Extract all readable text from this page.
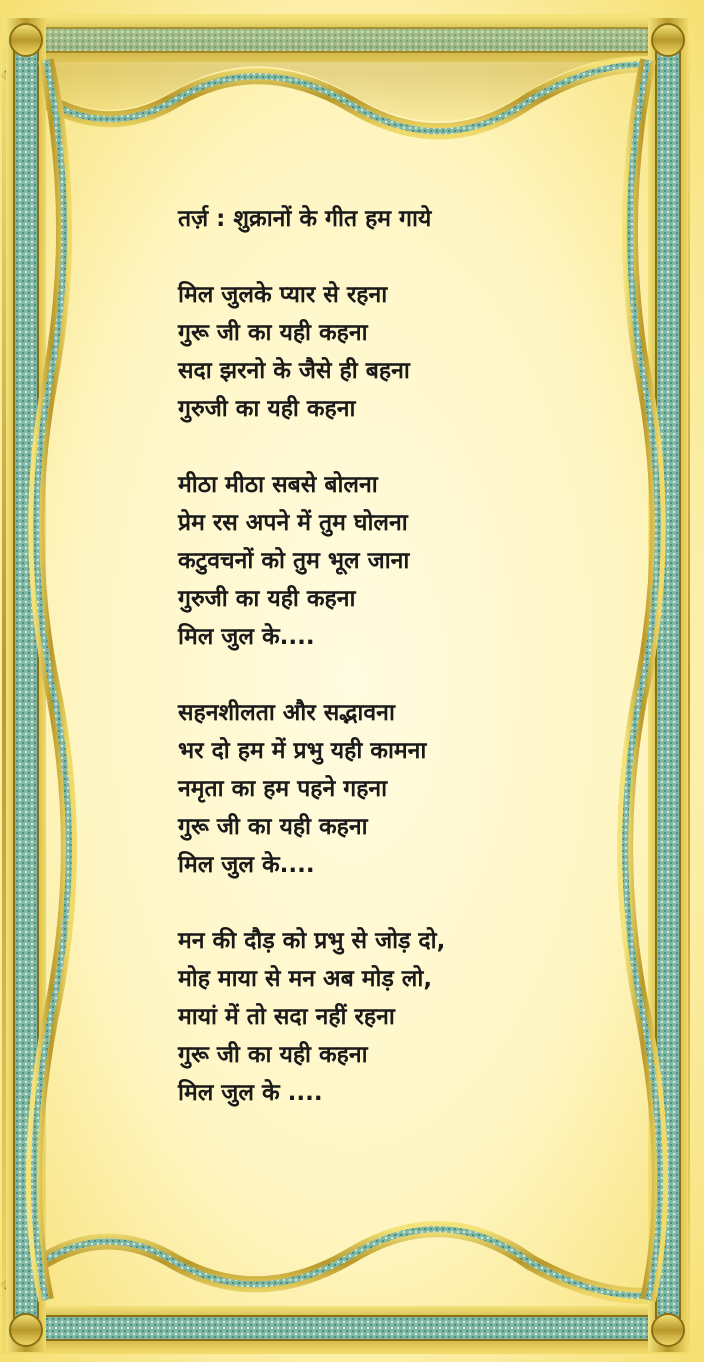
तर्ज़ : शुक्रानों के गीत हम गाये
मिल जुलके प्यार से रहना
गुरू जी का यही कहना
सदा झरनो के जैसे ही बहना
गुरुजी का यही कहना
मीठा मीठा सबसे बोलना
प्रेम रस अपने में तुम घोलना
कटुवचनों को तुम भूल जाना
गुरुजी का यही कहना
मिल जुल के....
सहनशीलता और सद्भावना
भर दो हम में प्रभु यही कामना
नमृता का हम पहने गहना
गुरू जी का यही कहना
मिल जुल के....
मन की दौड़ को प्रभु से जोड़ दो,
मोह माया से मन अब मोड़ लो,
मायां में तो सदा नहीं रहना
गुरू जी का यही कहना
मिल जुल के ....
